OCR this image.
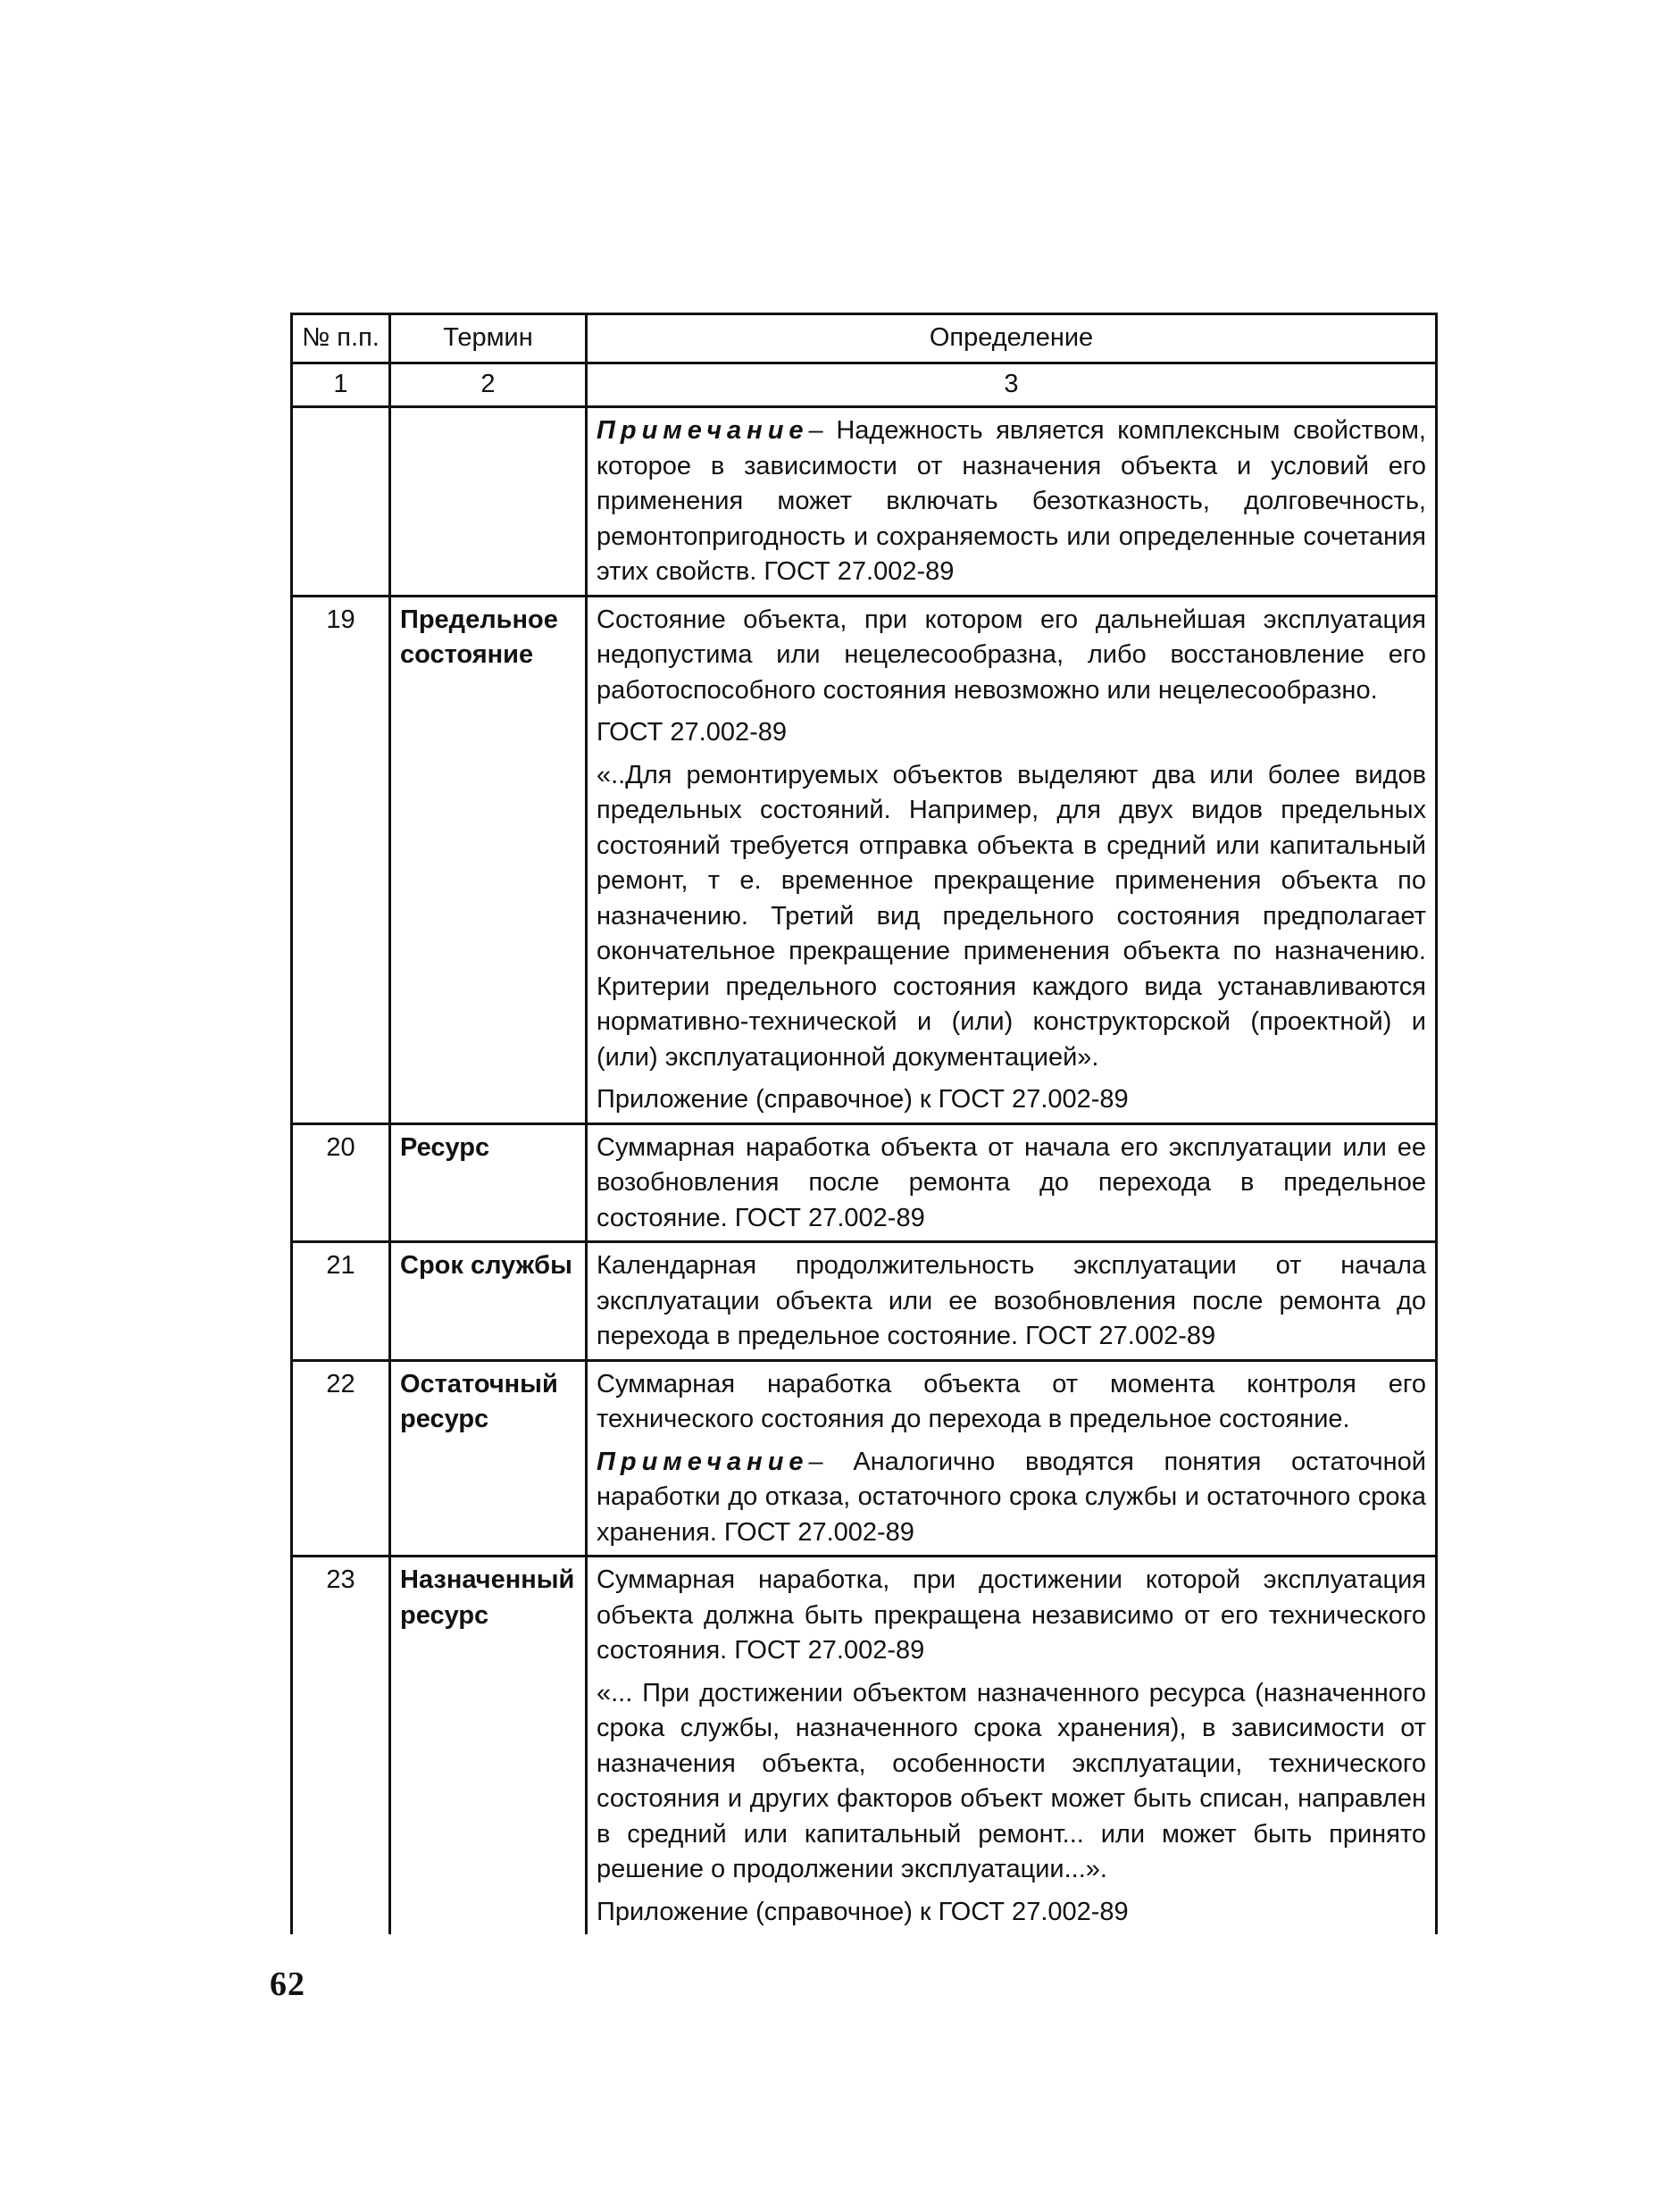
№ п.п.	Термин	Определение
1	2	3

		Примечание– Надежность является комплексным свойством, которое в зависимости от назначения объекта и условий его применения может включать безотказность, долговечность, ремонтопригодность и сохраняемость или определенные сочетания этих свойств. ГОСТ 27.002-89

19	Предельное состояние	Состояние объекта, при котором его дальнейшая эксплуатация недопустима или нецелесообразна, либо восстановление его работоспособного состояния невозможно или нецелесообразно.

ГОСТ 27.002-89

«..Для ремонтируемых объектов выделяют два или более видов предельных состояний. Например, для двух видов предельных состояний требуется отправка объекта в средний или капитальный ремонт, т е. временное прекращение применения объекта по назначению. Третий вид предельного состояния предполагает окончательное прекращение применения объекта по назначению. Критерии предельного состояния каждого вида устанавливаются нормативно-технической и (или) конструкторской (проектной) и (или) эксплуатационной документацией».

Приложение (справочное) к ГОСТ 27.002-89

20	Ресурс	Суммарная наработка объекта от начала его эксплуатации или ее возобновления после ремонта до перехода в предельное состояние. ГОСТ 27.002-89

21	Срок службы	Календарная продолжительность эксплуатации от начала эксплуатации объекта или ее возобновления после ремонта до перехода в предельное состояние. ГОСТ 27.002-89

22	Остаточный ресурс	Суммарная наработка объекта от момента контроля его технического состояния до перехода в предельное состояние.

Примечание– Аналогично вводятся понятия остаточной наработки до отказа, остаточного срока службы и остаточного срока хранения. ГОСТ 27.002-89

23	Назначенный ресурс	Суммарная наработка, при достижении которой эксплуатация объекта должна быть прекращена независимо от его технического состояния. ГОСТ 27.002-89

«... При достижении объектом назначенного ресурса (назначенного срока службы, назначенного срока хранения), в зависимости от назначения объекта, особенности эксплуатации, технического состояния и других факторов объект может быть списан, направлен в средний или капитальный ремонт... или может быть принято решение о продолжении эксплуатации...».

Приложение (справочное) к ГОСТ 27.002-89

62
